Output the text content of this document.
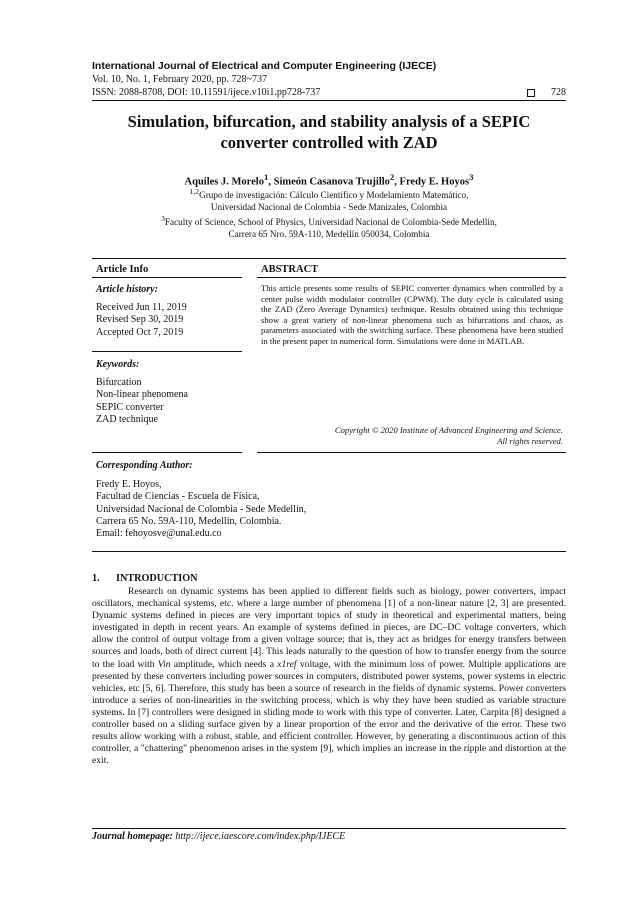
International Journal of Electrical and Computer Engineering (IJECE)
Vol. 10, No. 1, February 2020, pp. 728~737
ISSN: 2088-8708, DOI: 10.11591/ijece.v10i1.pp728-737	728
Simulation, bifurcation, and stability analysis of a SEPIC
converter controlled with ZAD
Aquiles J. Morelo$^1$, Simeón Casanova Trujillo$^2$, Fredy E. Hoyos$^3$
$^{1,2}$Grupo de investigación: Cálculo Científico y Modelamiento Matemático,
Universidad Nacional de Colombia - Sede Manizales, Colombia
$^3$Faculty of Science, School of Physics, Universidad Nacional de Colombia-Sede Medellín,
Carrera 65 Nro. 59A-110, Medellín 050034, Colombia
Article Info	ABSTRACT
Article history:
Received Jun 11, 2019
Revised Sep 30, 2019
Accepted Oct 7, 2019
Keywords:
Bifurcation
Non-linear phenomena
SEPIC converter
ZAD technique
This article presents some results of SEPIC converter dynamics when controlled by a center pulse width modulator controller (CPWM). The duty cycle is calculated using the ZAD (Zero Average Dynamics) technique. Results obtained using this technique show a great variety of non-linear phenomena such as bifurcations and chaos, as parameters associated with the switching surface. These phenomena have been studied in the present paper in numerical form. Simulations were done in MATLAB.
Copyright © 2020 Institute of Advanced Engineering and Science.
All rights reserved.
Corresponding Author:
Fredy E. Hoyos,
Facultad de Ciencias - Escuela de Física,
Universidad Nacional de Colombia - Sede Medellín,
Carrera 65 No. 59A-110, Medellín, Colombia.
Email: fehoyosve@unal.edu.co
1. INTRODUCTION
Research on dynamic systems has been applied to different fields such as biology, power converters, impact oscillators, mechanical systems, etc. where a large number of phenomena [1] of a non-linear nature [2, 3] are presented. Dynamic systems defined in pieces are very important topics of study in theoretical and experimental matters, being investigated in depth in recent years. An example of systems defined in pieces, are DC–DC voltage converters, which allow the control of output voltage from a given voltage source; that is, they act as bridges for energy transfers between sources and loads, both of direct current [4]. This leads naturally to the question of how to transfer energy from the source to the load with Vin amplitude, which needs a x1ref voltage, with the minimum loss of power. Multiple applications are presented by these converters including power sources in computers, distributed power systems, power systems in electric vehicles, etc [5, 6]. Therefore, this study has been a source of research in the fields of dynamic systems. Power converters introduce a series of non-linearities in the switching process, which is why they have been studied as variable structure systems. In [7] controllers were designed in sliding mode to work with this type of converter. Later, Carpita [8] designed a controller based on a sliding surface given by a linear proportion of the error and the derivative of the error. These two results allow working with a robust, stable, and efficient controller. However, by generating a discontinuous action of this controller, a "chattering" phenomenon arises in the system [9], which implies an increase in the ripple and distortion at the exit.
Journal homepage: http://ijece.iaescore.com/index.php/IJECE
